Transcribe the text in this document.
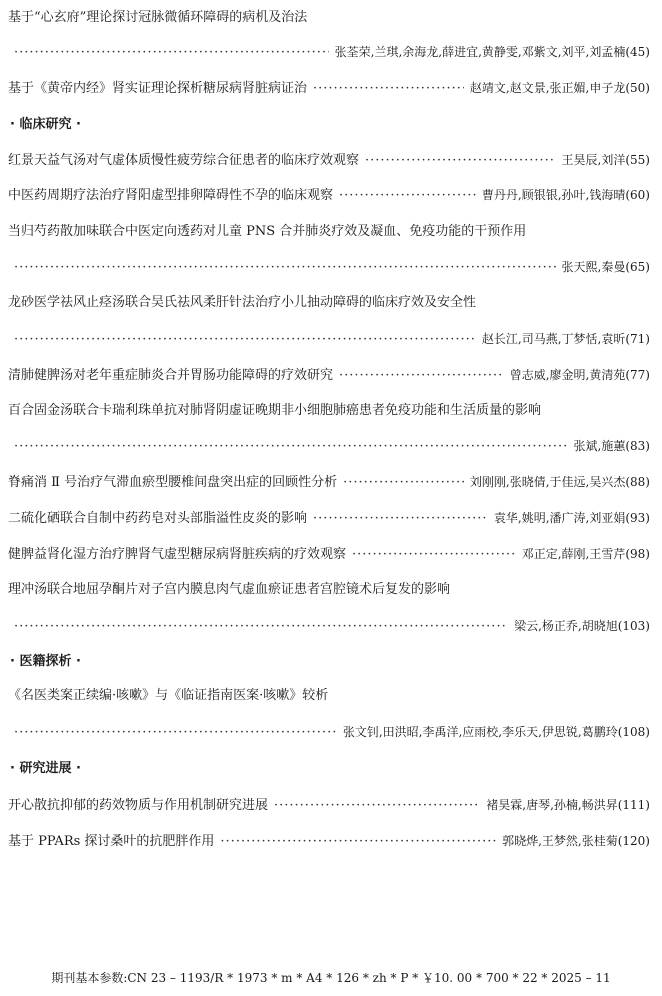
基于“心玄府”理论探讨冠脉微循环障碍的病机及治法
·····
张荃荣,兰琪,余海龙,薛进宜,黄静雯,邓紫文,刘平,刘孟楠 (45)
基于《黄帝内经》肾实证理论探析糖尿病肾脏病证治 ·····	赵靖文,赵文景,张正媚,申子龙 (50)
· 临床研究 ·
红景天益气汤对气虚体质慢性疲劳综合征患者的临床疗效观察 ·····	王昊辰,刘洋 (55)
中医药周期疗法治疗肾阳虚型排卵障碍性不孕的临床观察 ·····	曹丹丹,顾银银,孙叶,钱海晴 (60)
当归芍药散加味联合中医定向透药对儿童 PNS 合并肺炎疗效及凝血、免疫功能的干预作用
·····
张天熙,秦曼 (65)
龙砂医学祛风止痉汤联合吴氏祛风柔肝针法治疗小儿抽动障碍的临床疗效及安全性
·····
赵长江,司马燕,丁梦恬,袁昕 (71)
清肺健脾汤对老年重症肺炎合并胃肠功能障碍的疗效研究 ·····	曾志威,廖金明,黄清苑 (77)
百合固金汤联合卡瑞利珠单抗对肺肾阴虚证晚期非小细胞肺癌患者免疫功能和生活质量的影响
·····
张斌,施蕙 (83)
脊痛消 Ⅱ 号治疗气滞血瘀型腰椎间盘突出症的回顾性分析 ·····	刘刚刚,张晓倩,于佳远,吴兴杰 (88)
二硫化硒联合自制中药药皂对头部脂溢性皮炎的影响 ·····	袁华,姚明,潘广涛,刘亚娟 (93)
健脾益肾化湿方治疗脾肾气虚型糖尿病肾脏疾病的疗效观察 ·····	邓正定,薛刚,王雪芹 (98)
理冲汤联合地屈孕酮片对子宫内膜息肉气虚血瘀证患者宫腔镜术后复发的影响
·····
梁云,杨正乔,胡晓旭 (103)
· 医籍探析 ·
《名医类案正续编·咳嗽》与《临证指南医案·咳嗽》较析
·····
张文钊,田洪昭,李禹洋,应雨校,李乐天,伊思锐,葛鹏玲 (108)
· 研究进展 ·
开心散抗抑郁的药效物质与作用机制研究进展 ·····	褚昊霖,唐琴,孙楠,畅洪昇 (111)
基于 PPARs 探讨桑叶的抗肥胖作用 ·····	郭晓烨,王梦然,张桂菊 (120)
期刊基本参数:CN 23 – 1193/R * 1973 * m * A4 * 126 * zh * P * ￥10. 00 * 700 * 22 * 2025 – 11
